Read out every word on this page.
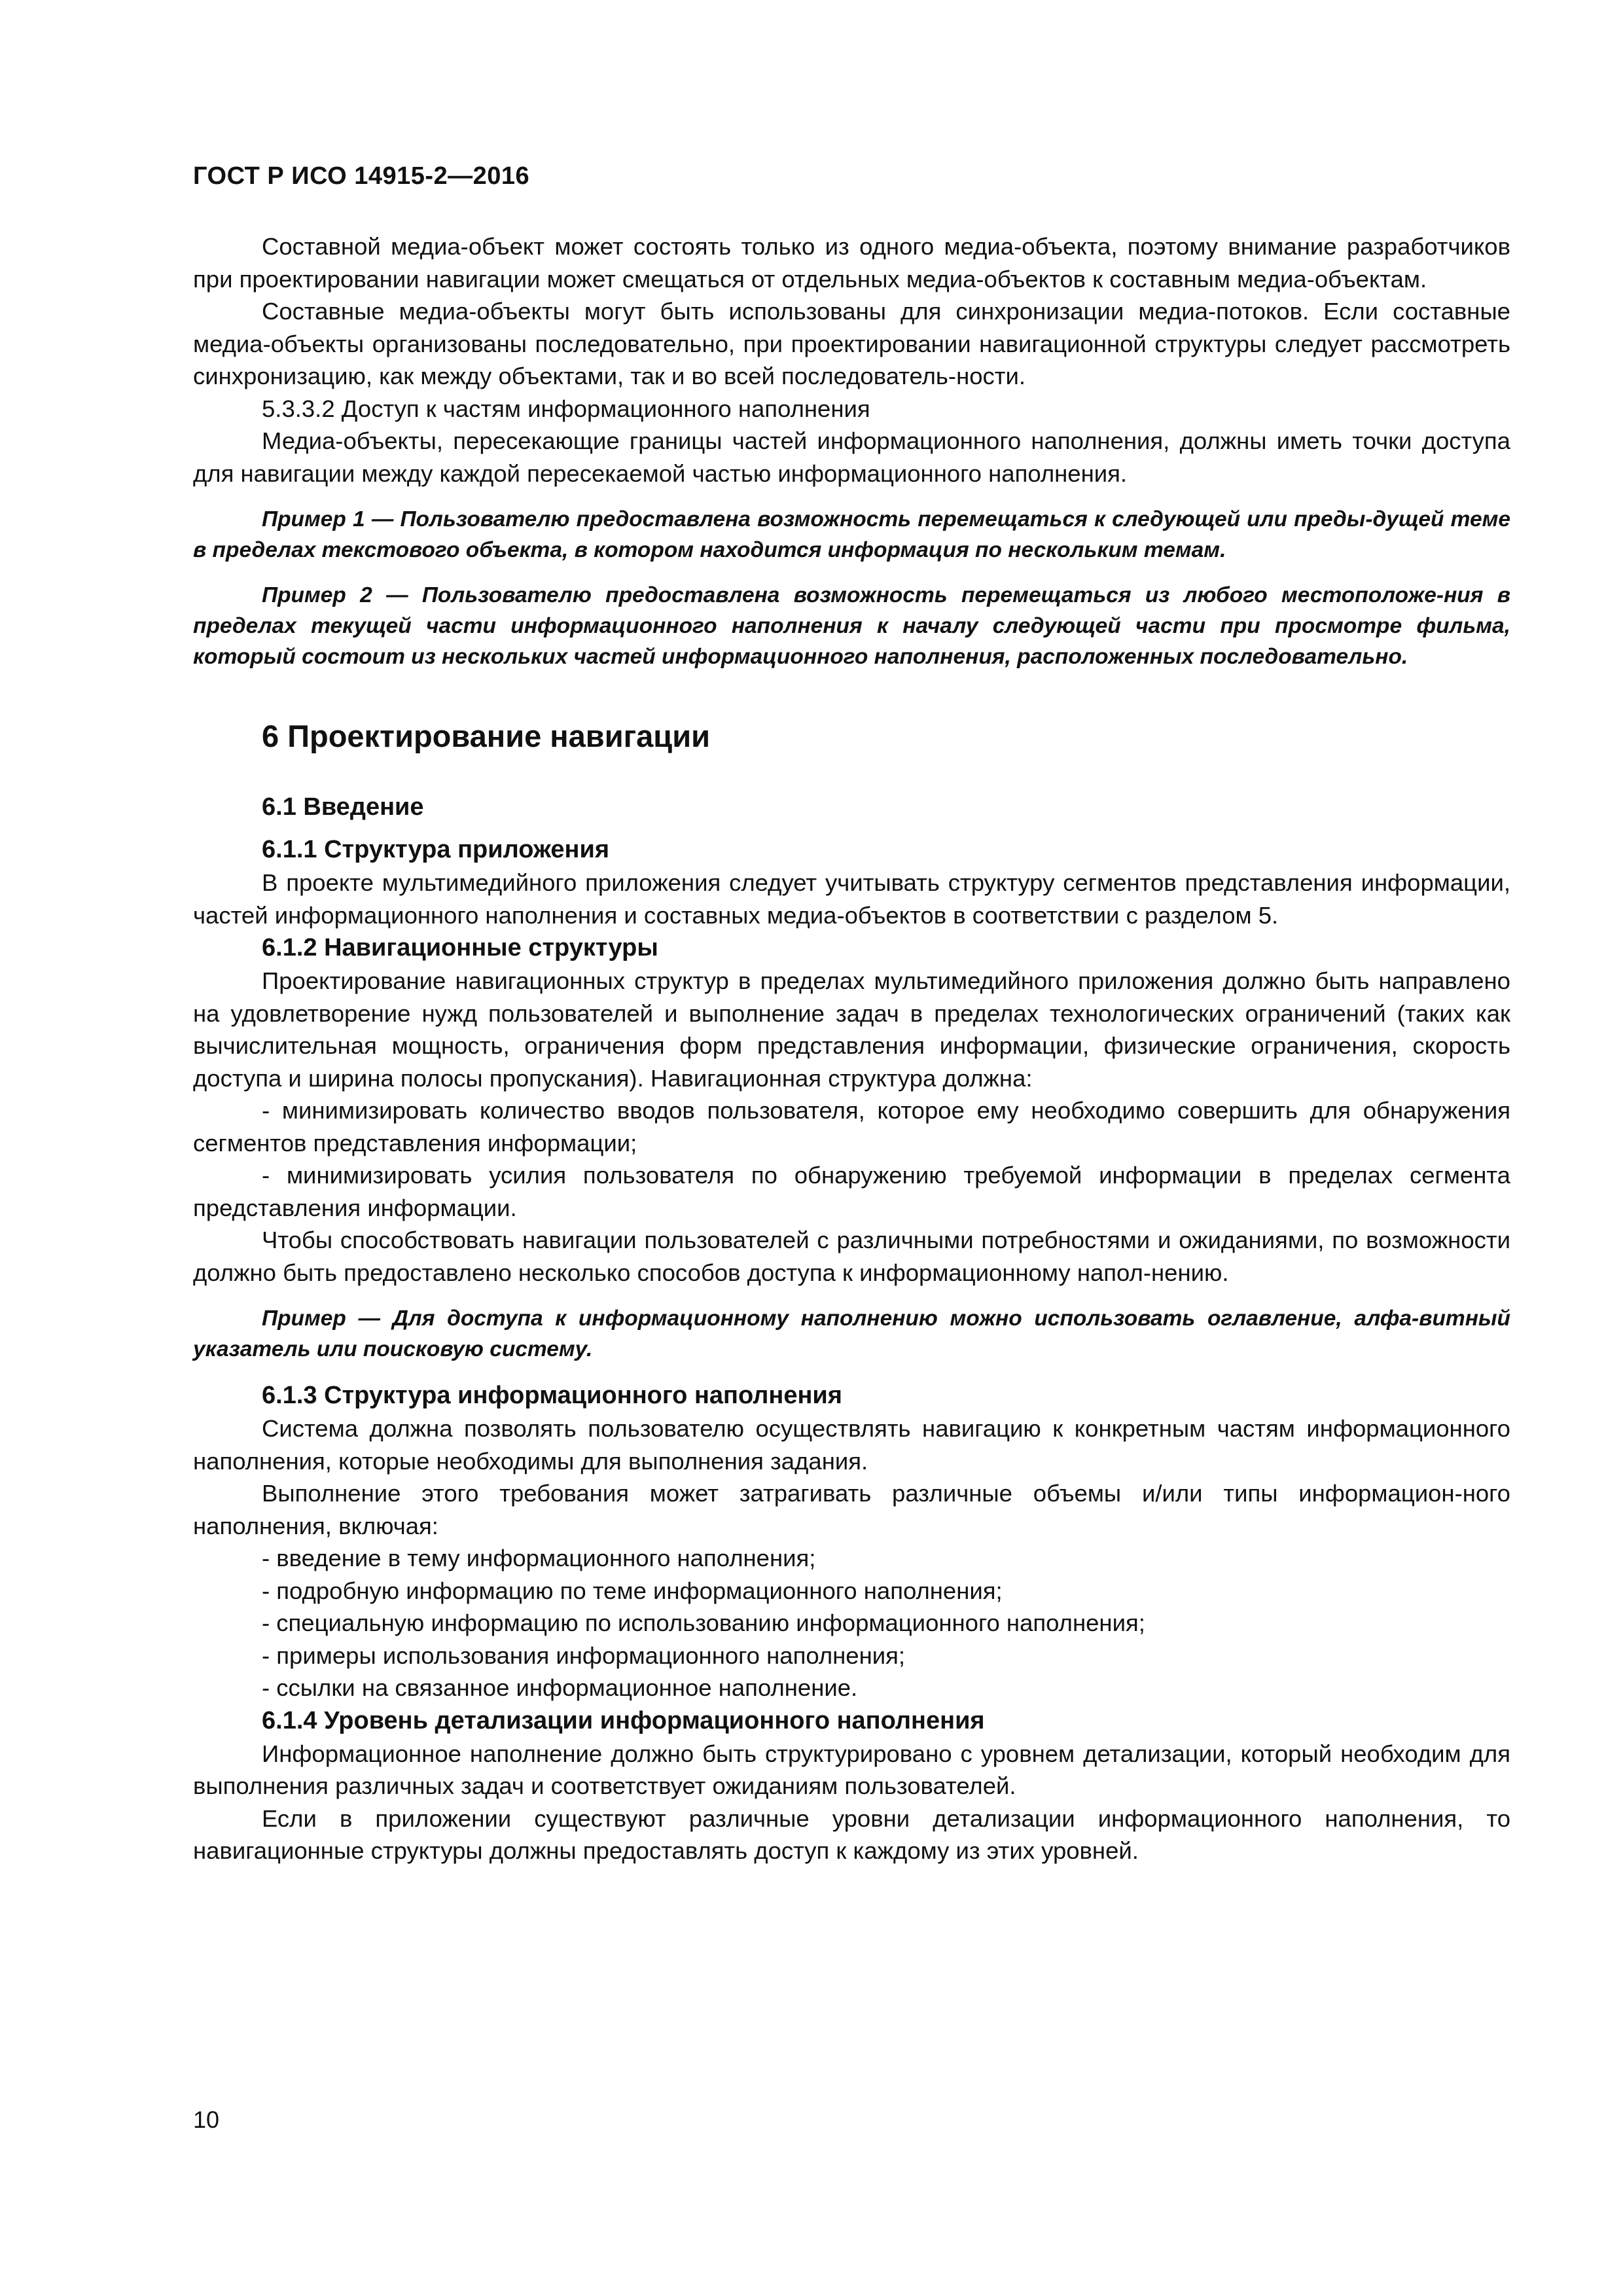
ГОСТ Р ИСО 14915-2—2016

Составной медиа-объект может состоять только из одного медиа-объекта, поэтому внимание разработчиков при проектировании навигации может смещаться от отдельных медиа-объектов к составным медиа-объектам.

Составные медиа-объекты могут быть использованы для синхронизации медиа-потоков. Если составные медиа-объекты организованы последовательно, при проектировании навигационной структуры следует рассмотреть синхронизацию, как между объектами, так и во всей последователь-ности.

5.3.3.2 Доступ к частям информационного наполнения

Медиа-объекты, пересекающие границы частей информационного наполнения, должны иметь точки доступа для навигации между каждой пересекаемой частью информационного наполнения.

Пример 1 — Пользователю предоставлена возможность перемещаться к следующей или преды-дущей теме в пределах текстового объекта, в котором находится информация по нескольким темам.

Пример 2 — Пользователю предоставлена возможность перемещаться из любого местоположе-ния в пределах текущей части информационного наполнения к началу следующей части при просмотре фильма, который состоит из нескольких частей информационного наполнения, расположенных последовательно.

6 Проектирование навигации
6.1 Введение
6.1.1 Структура приложения

В проекте мультимедийного приложения следует учитывать структуру сегментов представления информации, частей информационного наполнения и составных медиа-объектов в соответствии с разделом 5.

6.1.2 Навигационные структуры

Проектирование навигационных структур в пределах мультимедийного приложения должно быть направлено на удовлетворение нужд пользователей и выполнение задач в пределах технологических ограничений (таких как вычислительная мощность, ограничения форм представления информации, физические ограничения, скорость доступа и ширина полосы пропускания). Навигационная структура должна:

- минимизировать количество вводов пользователя, которое ему необходимо совершить для обнаружения сегментов представления информации;

- минимизировать усилия пользователя по обнаружению требуемой информации в пределах сегмента представления информации.

Чтобы способствовать навигации пользователей с различными потребностями и ожиданиями, по возможности должно быть предоставлено несколько способов доступа к информационному напол-нению.

Пример — Для доступа к информационному наполнению можно использовать оглавление, алфа-витный указатель или поисковую систему.

6.1.3 Структура информационного наполнения

Система должна позволять пользователю осуществлять навигацию к конкретным частям информационного наполнения, которые необходимы для выполнения задания.

Выполнение этого требования может затрагивать различные объемы и/или типы информацион-ного наполнения, включая:

- введение в тему информационного наполнения;

- подробную информацию по теме информационного наполнения;

- специальную информацию по использованию информационного наполнения;

- примеры использования информационного наполнения;

- ссылки на связанное информационное наполнение.

6.1.4 Уровень детализации информационного наполнения

Информационное наполнение должно быть структурировано с уровнем детализации, который необходим для выполнения различных задач и соответствует ожиданиям пользователей.

Если в приложении существуют различные уровни детализации информационного наполнения, то навигационные структуры должны предоставлять доступ к каждому из этих уровней.

10
